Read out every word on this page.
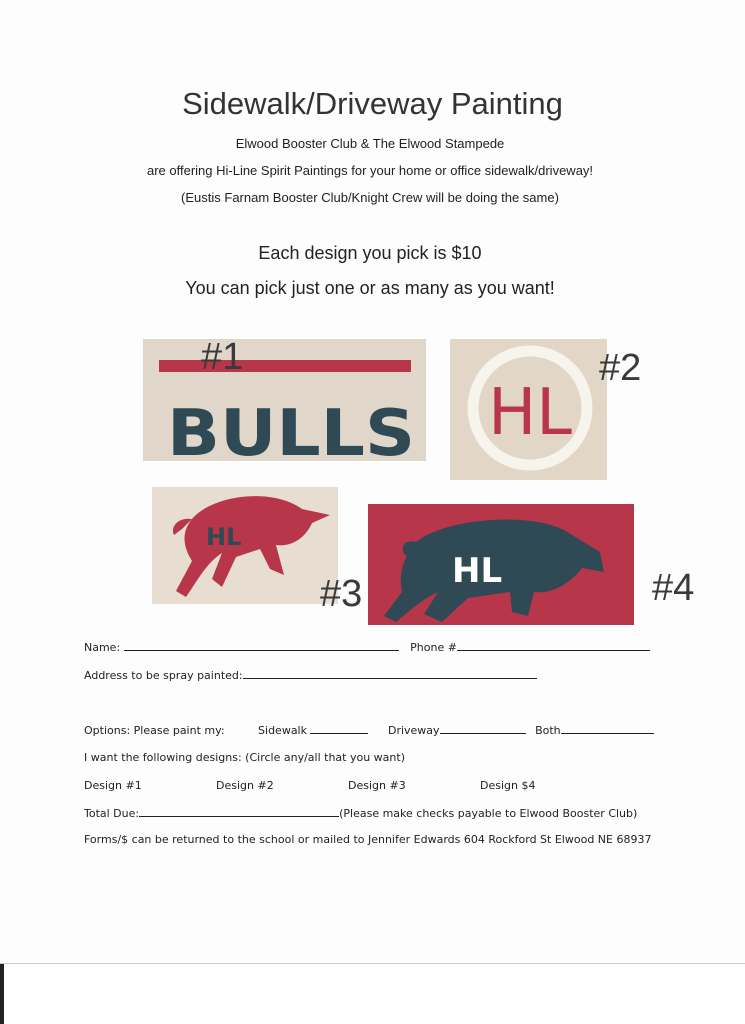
Sidewalk/Driveway Painting
Elwood Booster Club & The Elwood Stampede
are offering Hi-Line Spirit Paintings for your home or office sidewalk/driveway!
(Eustis Farnam Booster Club/Knight Crew will be doing the same)
Each design you pick is $10
You can pick just one or as many as you want!
BULLS HL
HL
HL
#1	#2
#3	#4
Name:	Phone #
Address to be spray painted:
Options: Please paint my:	Sidewalk	Driveway	Both
I want the following designs: (Circle any/all that you want)
Design #1	Design #2	Design #3	Design $4
Total Due:	(Please make checks payable to Elwood Booster Club)
Forms/$ can be returned to the school or mailed to Jennifer Edwards 604 Rockford St Elwood NE 68937
